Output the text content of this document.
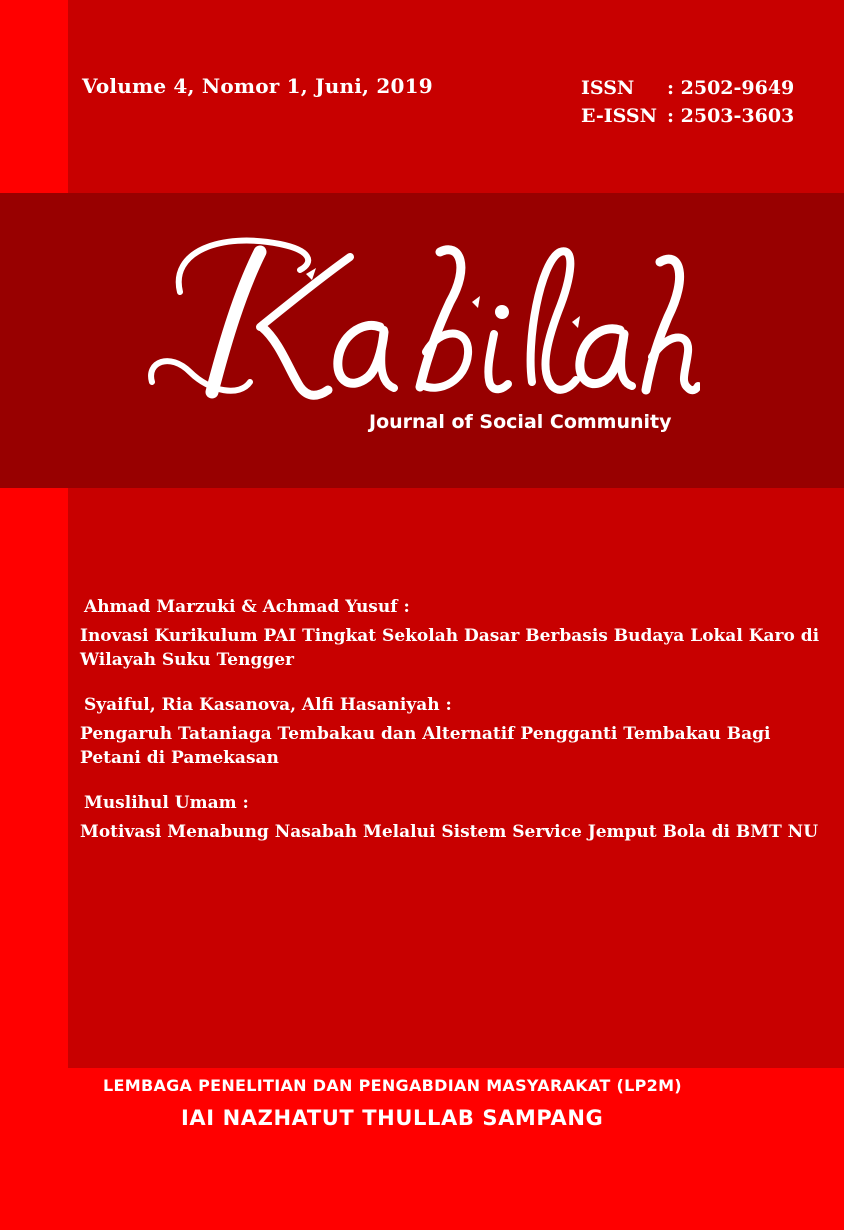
Volume 4, Nomor 1, Juni, 2019	ISSN	: 2502-9649
E-ISSN : 2503-3603
Journal of Social Community
Ahmad Marzuki & Achmad Yusuf :
Inovasi Kurikulum PAI Tingkat Sekolah Dasar Berbasis Budaya Lokal Karo di Wilayah Suku Tengger
Syaiful, Ria Kasanova, Alfi Hasaniyah :
Pengaruh Tataniaga Tembakau dan Alternatif Pengganti Tembakau Bagi Petani di Pamekasan
Muslihul Umam :
Motivasi Menabung Nasabah Melalui Sistem Service Jemput Bola di BMT NU
LEMBAGA PENELITIAN DAN PENGABDIAN MASYARAKAT (LP2M)
IAI NAZHATUT THULLAB SAMPANG
